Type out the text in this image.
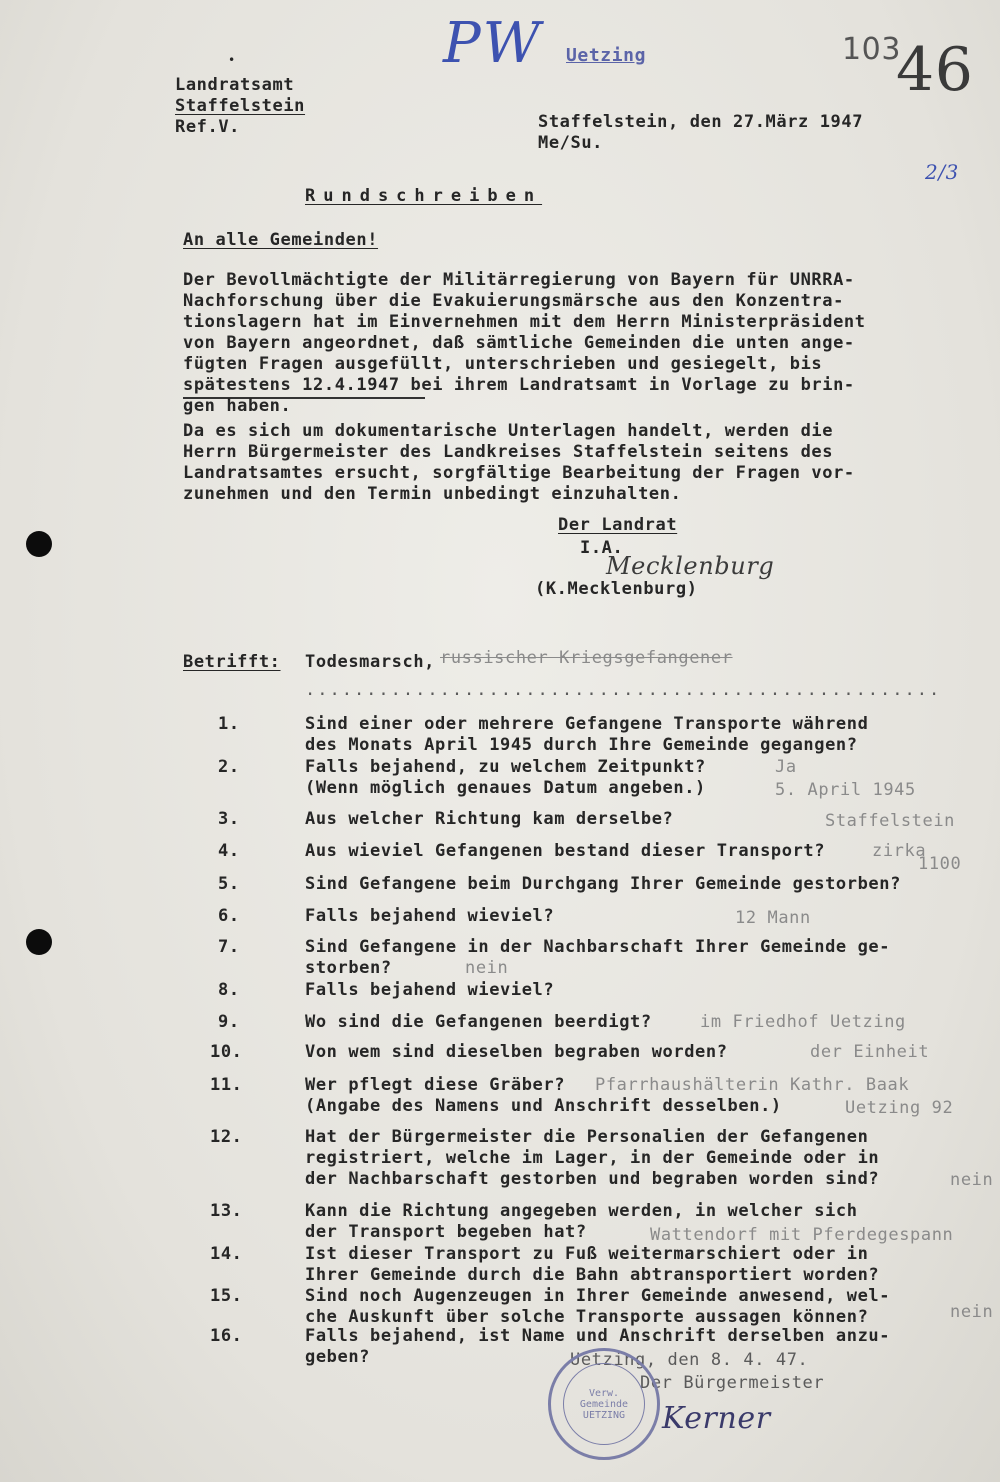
PW Uetzing	103
46
2/3
•
Landratsamt
Staffelstein
Ref.V.	Staffelstein, den 27.März 1947
Me/Su.
Rundschreiben
An alle Gemeinden!
Der Bevollmächtigte der Militärregierung von Bayern für UNRRA-
Nachforschung über die Evakuierungsmärsche aus den Konzentra-
tionslagern hat im Einvernehmen mit dem Herrn Ministerpräsident
von Bayern angeordnet, daß sämtliche Gemeinden die unten ange-
fügten Fragen ausgefüllt, unterschrieben und gesiegelt, bis
spätestens 12.4.1947 bei ihrem Landratsamt in Vorlage zu brin-
gen haben.
Da es sich um dokumentarische Unterlagen handelt, werden die
Herrn Bürgermeister des Landkreises Staffelstein seitens des
Landratsamtes ersucht, sorgfältige Bearbeitung der Fragen vor-
zunehmen und den Termin unbedingt einzuhalten.
Der Landrat
I.A.
Mecklenburg
(K.Mecklenburg)
Betrifft: Todesmarsch, russischer Kriegsgefangener
....................................................
1.	Sind einer oder mehrere Gefangene Transporte während
des Monats April 1945 durch Ihre Gemeinde gegangen?
2.	Falls bejahend, zu welchem Zeitpunkt?
(Wenn möglich genaues Datum angeben.)
Ja
5. April 1945
3.	Aus welcher Richtung kam derselbe?	Staffelstein
4.	Aus wieviel Gefangenen bestand dieser Transport?	zirka
1100
5.	Sind Gefangene beim Durchgang Ihrer Gemeinde gestorben?
6.	Falls bejahend wieviel?	12 Mann
7.	Sind Gefangene in der Nachbarschaft Ihrer Gemeinde ge-
storben?	nein
8.	Falls bejahend wieviel?
9.	Wo sind die Gefangenen beerdigt?	im Friedhof Uetzing
10.	Von wem sind dieselben begraben worden?	der Einheit
11.	Wer pflegt diese Gräber?
(Angabe des Namens und Anschrift desselben.)
Pfarrhaushälterin Kathr. Baak
Uetzing 92
12.	Hat der Bürgermeister die Personalien der Gefangenen
registriert, welche im Lager, in der Gemeinde oder in
der Nachbarschaft gestorben und begraben worden sind?	nein
13.	Kann die Richtung angegeben werden, in welcher sich
der Transport begeben hat?	Wattendorf mit Pferdegespann
14.	Ist dieser Transport zu Fuß weitermarschiert oder in
Ihrer Gemeinde durch die Bahn abtransportiert worden?
15.	Sind noch Augenzeugen in Ihrer Gemeinde anwesend, wel-
che Auskunft über solche Transporte aussagen können?	nein
16.	Falls bejahend, ist Name und Anschrift derselben anzu-
geben?	Uetzing, den 8. 4. 47.
Der Bürgermeister
Kerner
Verw. Gemeinde UETZING
